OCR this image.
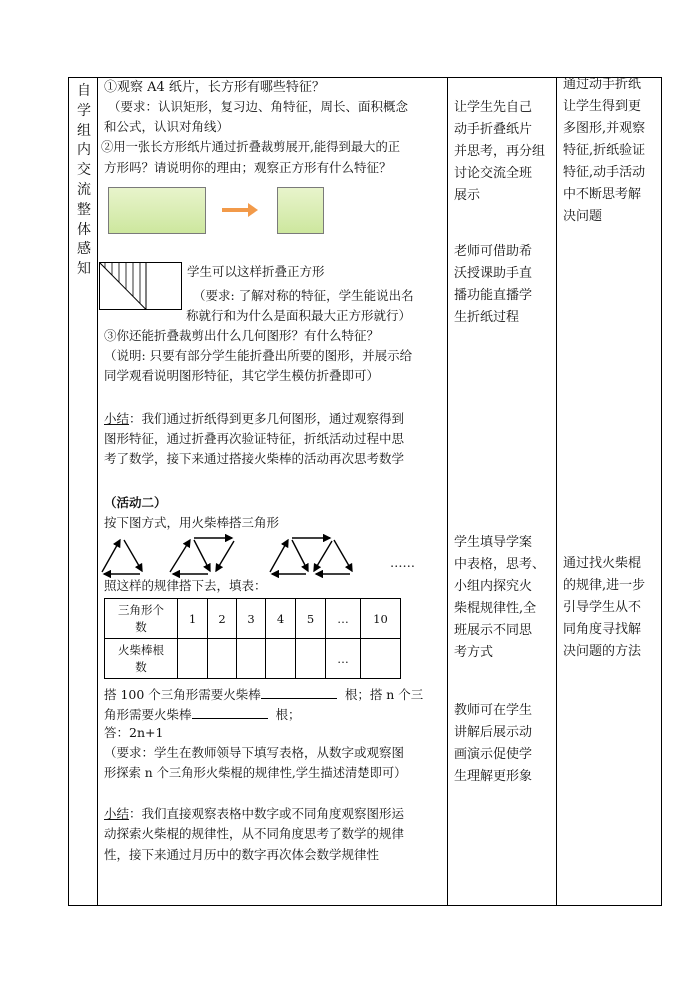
自
学
组
内
交
流
整
体
感
知
①观察 A4 纸片，长方形有哪些特征？
（要求：认识矩形，复习边、角特征，周长、面积概念
和公式，认识对角线）
②用一张长方形纸片通过折叠裁剪展开,能得到最大的正
方形吗？请说明你的理由；观察正方形有什么特征？
学生可以这样折叠正方形
（要求: 了解对称的特征，学生能说出名
称就行和为什么是面积最大正方形就行）
③你还能折叠裁剪出什么几何图形？有什么特征？
（说明: 只要有部分学生能折叠出所要的图形，并展示给
同学观看说明图形特征，其它学生模仿折叠即可）
小结：我们通过折纸得到更多几何图形，通过观察得到
图形特征，通过折叠再次验证特征，折纸活动过程中思
考了数学，接下来通过搭接火柴棒的活动再次思考数学
（活动二）
按下图方式，用火柴棒搭三角形
……
照这样的规律搭下去，填表：
三角形个
数	1	2	3	4	5	…	10
火柴棒根
数						…	
搭 100 个三角形需要火柴棒	根；搭 n 个三
角形需要火柴棒	根；
答：2n+1
（要求：学生在教师领导下填写表格，从数字或观察图
形探索 n 个三角形火柴棍的规律性,学生描述清楚即可）
小结：我们直接观察表格中数字或不同角度观察图形运
动探索火柴棍的规律性，从不同角度思考了数学的规律
性，接下来通过月历中的数字再次体会数学规律性
让学生先自己
动手折叠纸片
并思考，再分组
讨论交流全班
展示
老师可借助希
沃授课助手直
播功能直播学
生折纸过程
学生填导学案
中表格，思考、
小组内探究火
柴棍规律性,全
班展示不同思
考方式
教师可在学生
讲解后展示动
画演示促使学
生理解更形象
通过动手折纸
让学生得到更
多图形,并观察
特征,折纸验证
特征,动手活动
中不断思考解
决问题
通过找火柴棍
的规律,进一步
引导学生从不
同角度寻找解
决问题的方法
